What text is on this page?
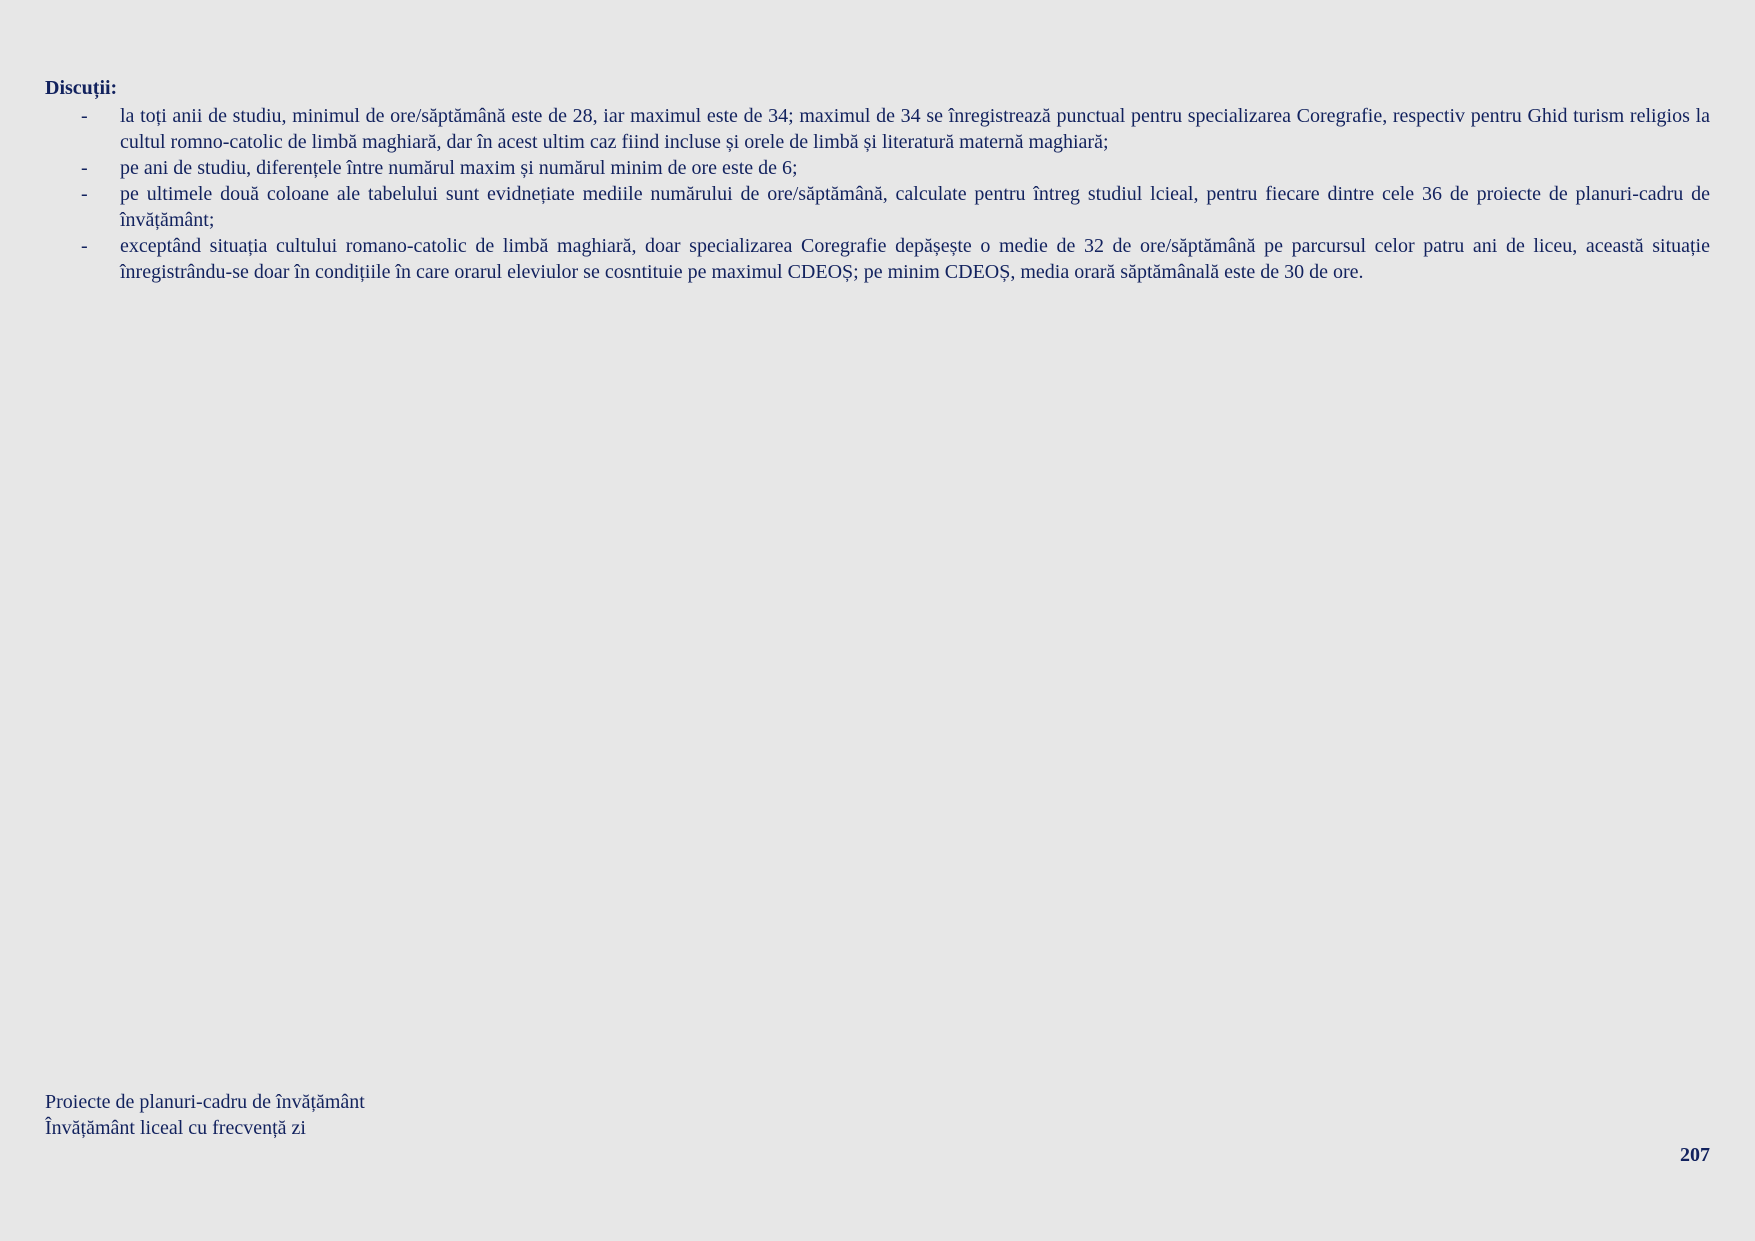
Discuții:
- la toți anii de studiu, minimul de ore/săptămână este de 28, iar maximul este de 34; maximul de 34 se înregistrează punctual pentru specializarea Coregrafie, respectiv pentru Ghid turism religios la cultul romno-catolic de limbă maghiară, dar în acest ultim caz fiind incluse și orele de limbă și literatură maternă maghiară;
- pe ani de studiu, diferențele între numărul maxim și numărul minim de ore este de 6;
- pe ultimele două coloane ale tabelului sunt evidnețiate mediile numărului de ore/săptămână, calculate pentru întreg studiul lcieal, pentru fiecare dintre cele 36 de proiecte de planuri-cadru de învățământ;
- exceptând situația cultului romano-catolic de limbă maghiară, doar specializarea Coregrafie depășește o medie de 32 de ore/săptămână pe parcursul celor patru ani de liceu, această situație înregistrându-se doar în condițiile în care orarul eleviulor se cosntituie pe maximul CDEOȘ; pe minim CDEOȘ, media orară săptămânală este de 30 de ore.
Proiecte de planuri-cadru de învățământ
Învățământ liceal cu frecvență zi
207
